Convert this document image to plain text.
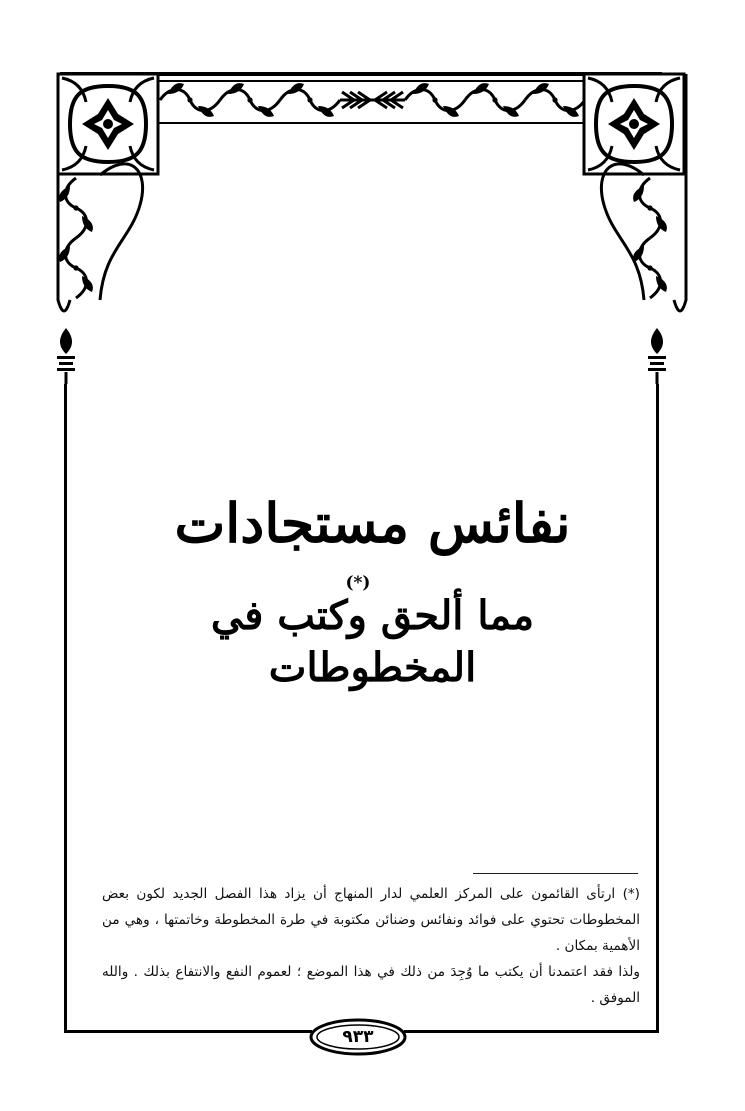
نفائس مستجادات
(*)
مما ألحق وكتب في المخطوطات

(*) ارتأى القائمون على المركز العلمي لدار المنهاج أن يزاد هذا الفصل الجديد لكون بعض المخطوطات تحتوي على فوائد ونفائس وضنائن مكتوبة في طرة المخطوطة وخاتمتها ، وهي من الأهمية بمكان .

ولذا فقد اعتمدنا أن يكتب ما وُجِدَ من ذلك في هذا الموضع ؛ لعموم النفع والانتفاع بذلك . والله الموفق .

٩٣٣
